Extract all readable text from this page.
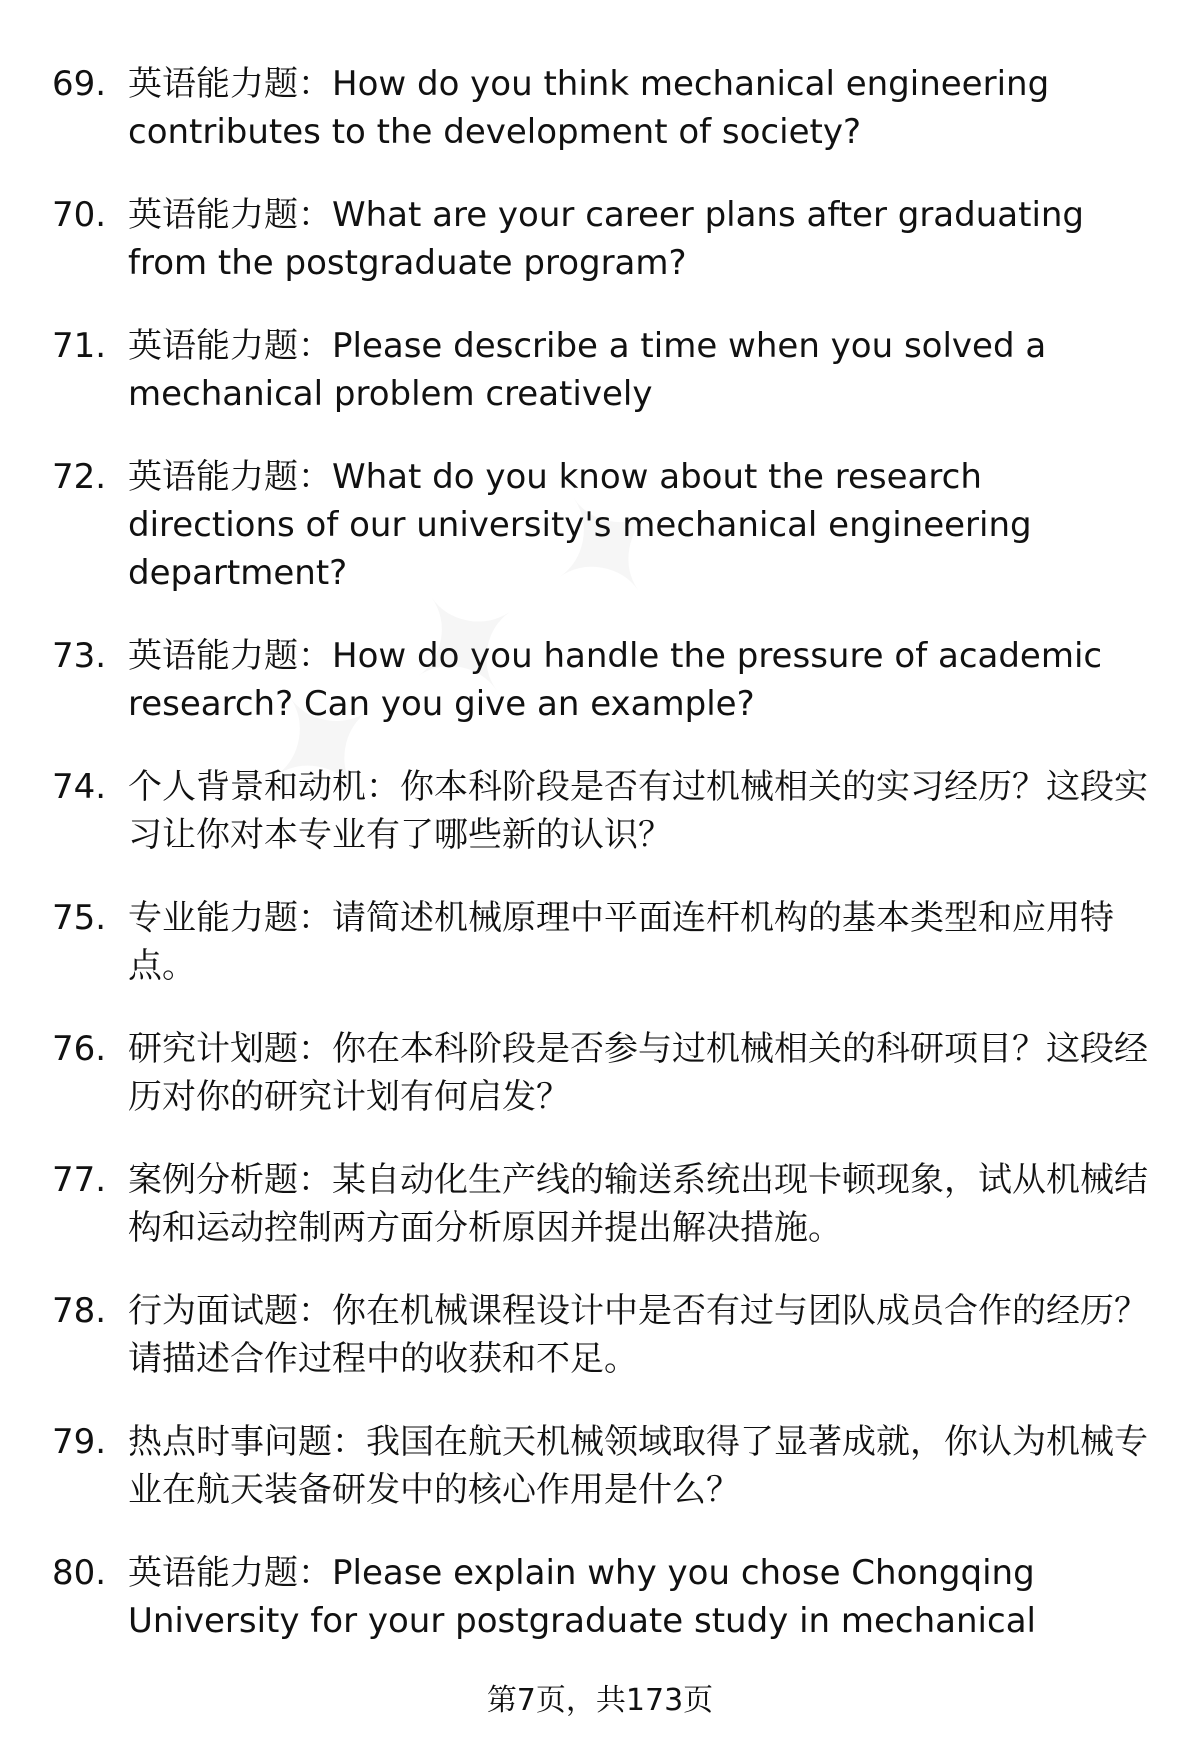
69. 英语能力题：How do you think mechanical engineering contributes to the development of society?
70. 英语能力题：What are your career plans after graduating from the postgraduate program?
71. 英语能力题：Please describe a time when you solved a mechanical problem creatively
72. 英语能力题：What do you know about the research directions of our university's mechanical engineering department?
73. 英语能力题：How do you handle the pressure of academic research? Can you give an example?
74. 个人背景和动机：你本科阶段是否有过机械相关的实习经历？这段实习让你对本专业有了哪些新的认识？
75. 专业能力题：请简述机械原理中平面连杆机构的基本类型和应用特点。
76. 研究计划题：你在本科阶段是否参与过机械相关的科研项目？这段经历对你的研究计划有何启发？
77. 案例分析题：某自动化生产线的输送系统出现卡顿现象，试从机械结构和运动控制两方面分析原因并提出解决措施。
78. 行为面试题：你在机械课程设计中是否有过与团队成员合作的经历？请描述合作过程中的收获和不足。
79. 热点时事问题：我国在航天机械领域取得了显著成就，你认为机械专业在航天装备研发中的核心作用是什么？
80. 英语能力题：Please explain why you chose Chongqing University for your postgraduate study in mechanical
第7页，共173页
